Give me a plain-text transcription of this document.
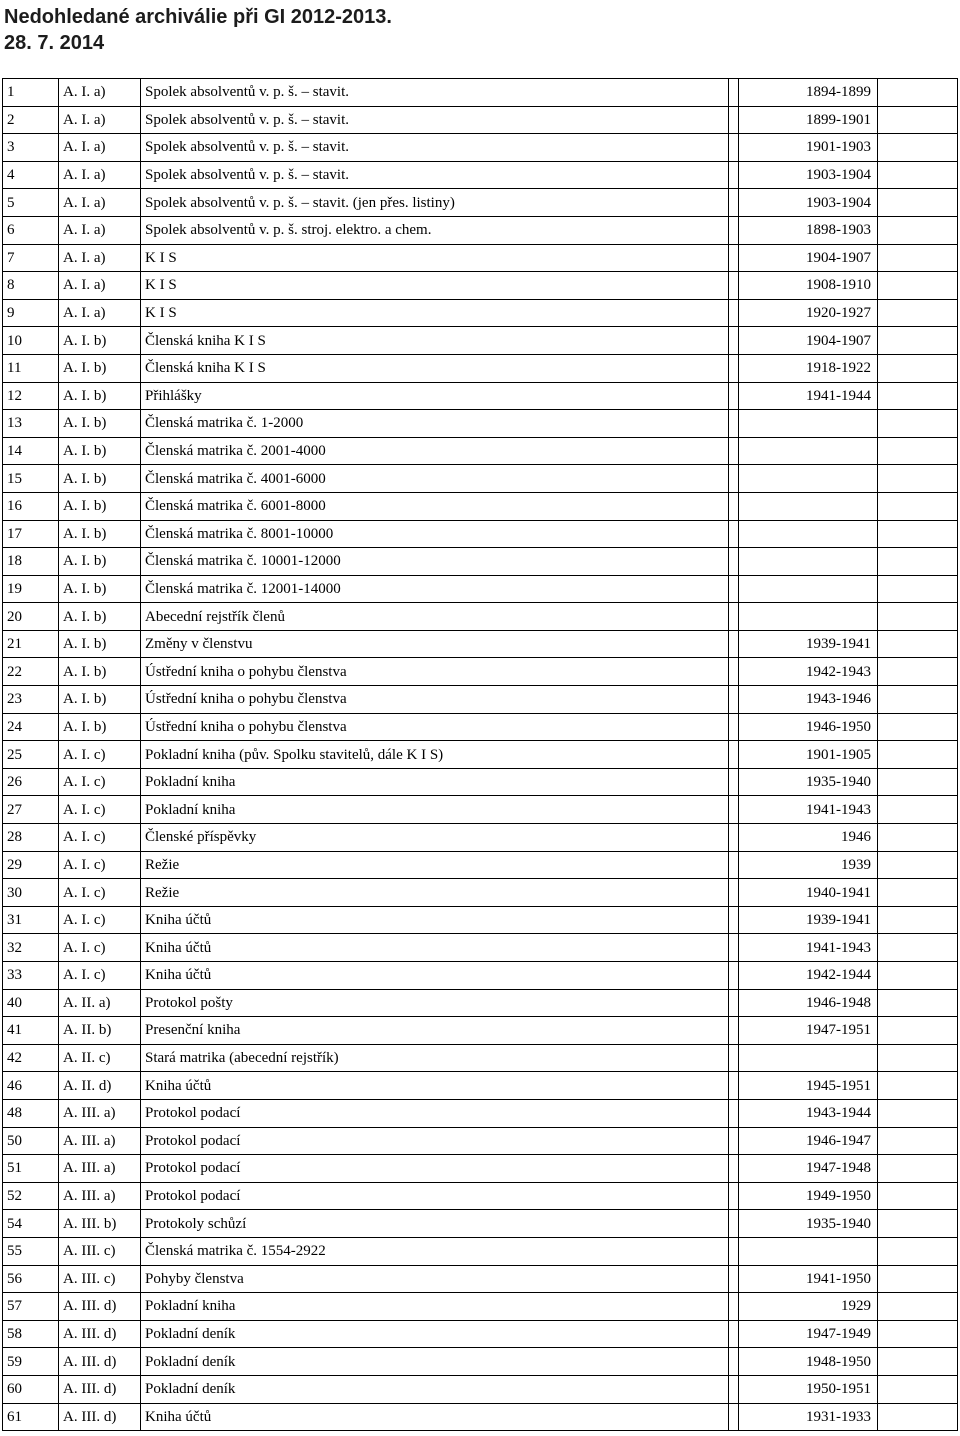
Nedohledané archiválie při GI 2012-2013.
28. 7. 2014
1	A. I. a)	Spolek absolventů v. p. š. – stavit.		1894-1899	
2	A. I. a)	Spolek absolventů v. p. š. – stavit.		1899-1901	
3	A. I. a)	Spolek absolventů v. p. š. – stavit.		1901-1903	
4	A. I. a)	Spolek absolventů v. p. š. – stavit.		1903-1904	
5	A. I. a)	Spolek absolventů v. p. š. – stavit. (jen přes. listiny)		1903-1904	
6	A. I. a)	Spolek absolventů v. p. š. stroj. elektro. a chem.		1898-1903	
7	A. I. a)	K I S		1904-1907	
8	A. I. a)	K I S		1908-1910	
9	A. I. a)	K I S		1920-1927	
10	A. I. b)	Členská kniha K I S		1904-1907	
11	A. I. b)	Členská kniha K I S		1918-1922	
12	A. I. b)	Přihlášky		1941-1944	
13	A. I. b)	Členská matrika č. 1-2000			
14	A. I. b)	Členská matrika č. 2001-4000			
15	A. I. b)	Členská matrika č. 4001-6000			
16	A. I. b)	Členská matrika č. 6001-8000			
17	A. I. b)	Členská matrika č. 8001-10000			
18	A. I. b)	Členská matrika č. 10001-12000			
19	A. I. b)	Členská matrika č. 12001-14000			
20	A. I. b)	Abecední rejstřík členů			
21	A. I. b)	Změny v členstvu		1939-1941	
22	A. I. b)	Ústřední kniha o pohybu členstva		1942-1943	
23	A. I. b)	Ústřední kniha o pohybu členstva		1943-1946	
24	A. I. b)	Ústřední kniha o pohybu členstva		1946-1950	
25	A. I. c)	Pokladní kniha (pův. Spolku stavitelů, dále K I S)		1901-1905	
26	A. I. c)	Pokladní kniha		1935-1940	
27	A. I. c)	Pokladní kniha		1941-1943	
28	A. I. c)	Členské příspěvky		1946	
29	A. I. c)	Režie		1939	
30	A. I. c)	Režie		1940-1941	
31	A. I. c)	Kniha účtů		1939-1941	
32	A. I. c)	Kniha účtů		1941-1943	
33	A. I. c)	Kniha účtů		1942-1944	
40	A. II. a)	Protokol pošty		1946-1948	
41	A. II. b)	Presenční kniha		1947-1951	
42	A. II. c)	Stará matrika (abecední rejstřík)			
46	A. II. d)	Kniha účtů		1945-1951	
48	A. III. a)	Protokol podací		1943-1944	
50	A. III. a)	Protokol podací		1946-1947	
51	A. III. a)	Protokol podací		1947-1948	
52	A. III. a)	Protokol podací		1949-1950	
54	A. III. b)	Protokoly schůzí		1935-1940	
55	A. III. c)	Členská matrika č. 1554-2922			
56	A. III. c)	Pohyby členstva		1941-1950	
57	A. III. d)	Pokladní kniha		1929	
58	A. III. d)	Pokladní deník		1947-1949	
59	A. III. d)	Pokladní deník		1948-1950	
60	A. III. d)	Pokladní deník		1950-1951	
61	A. III. d)	Kniha účtů		1931-1933	
